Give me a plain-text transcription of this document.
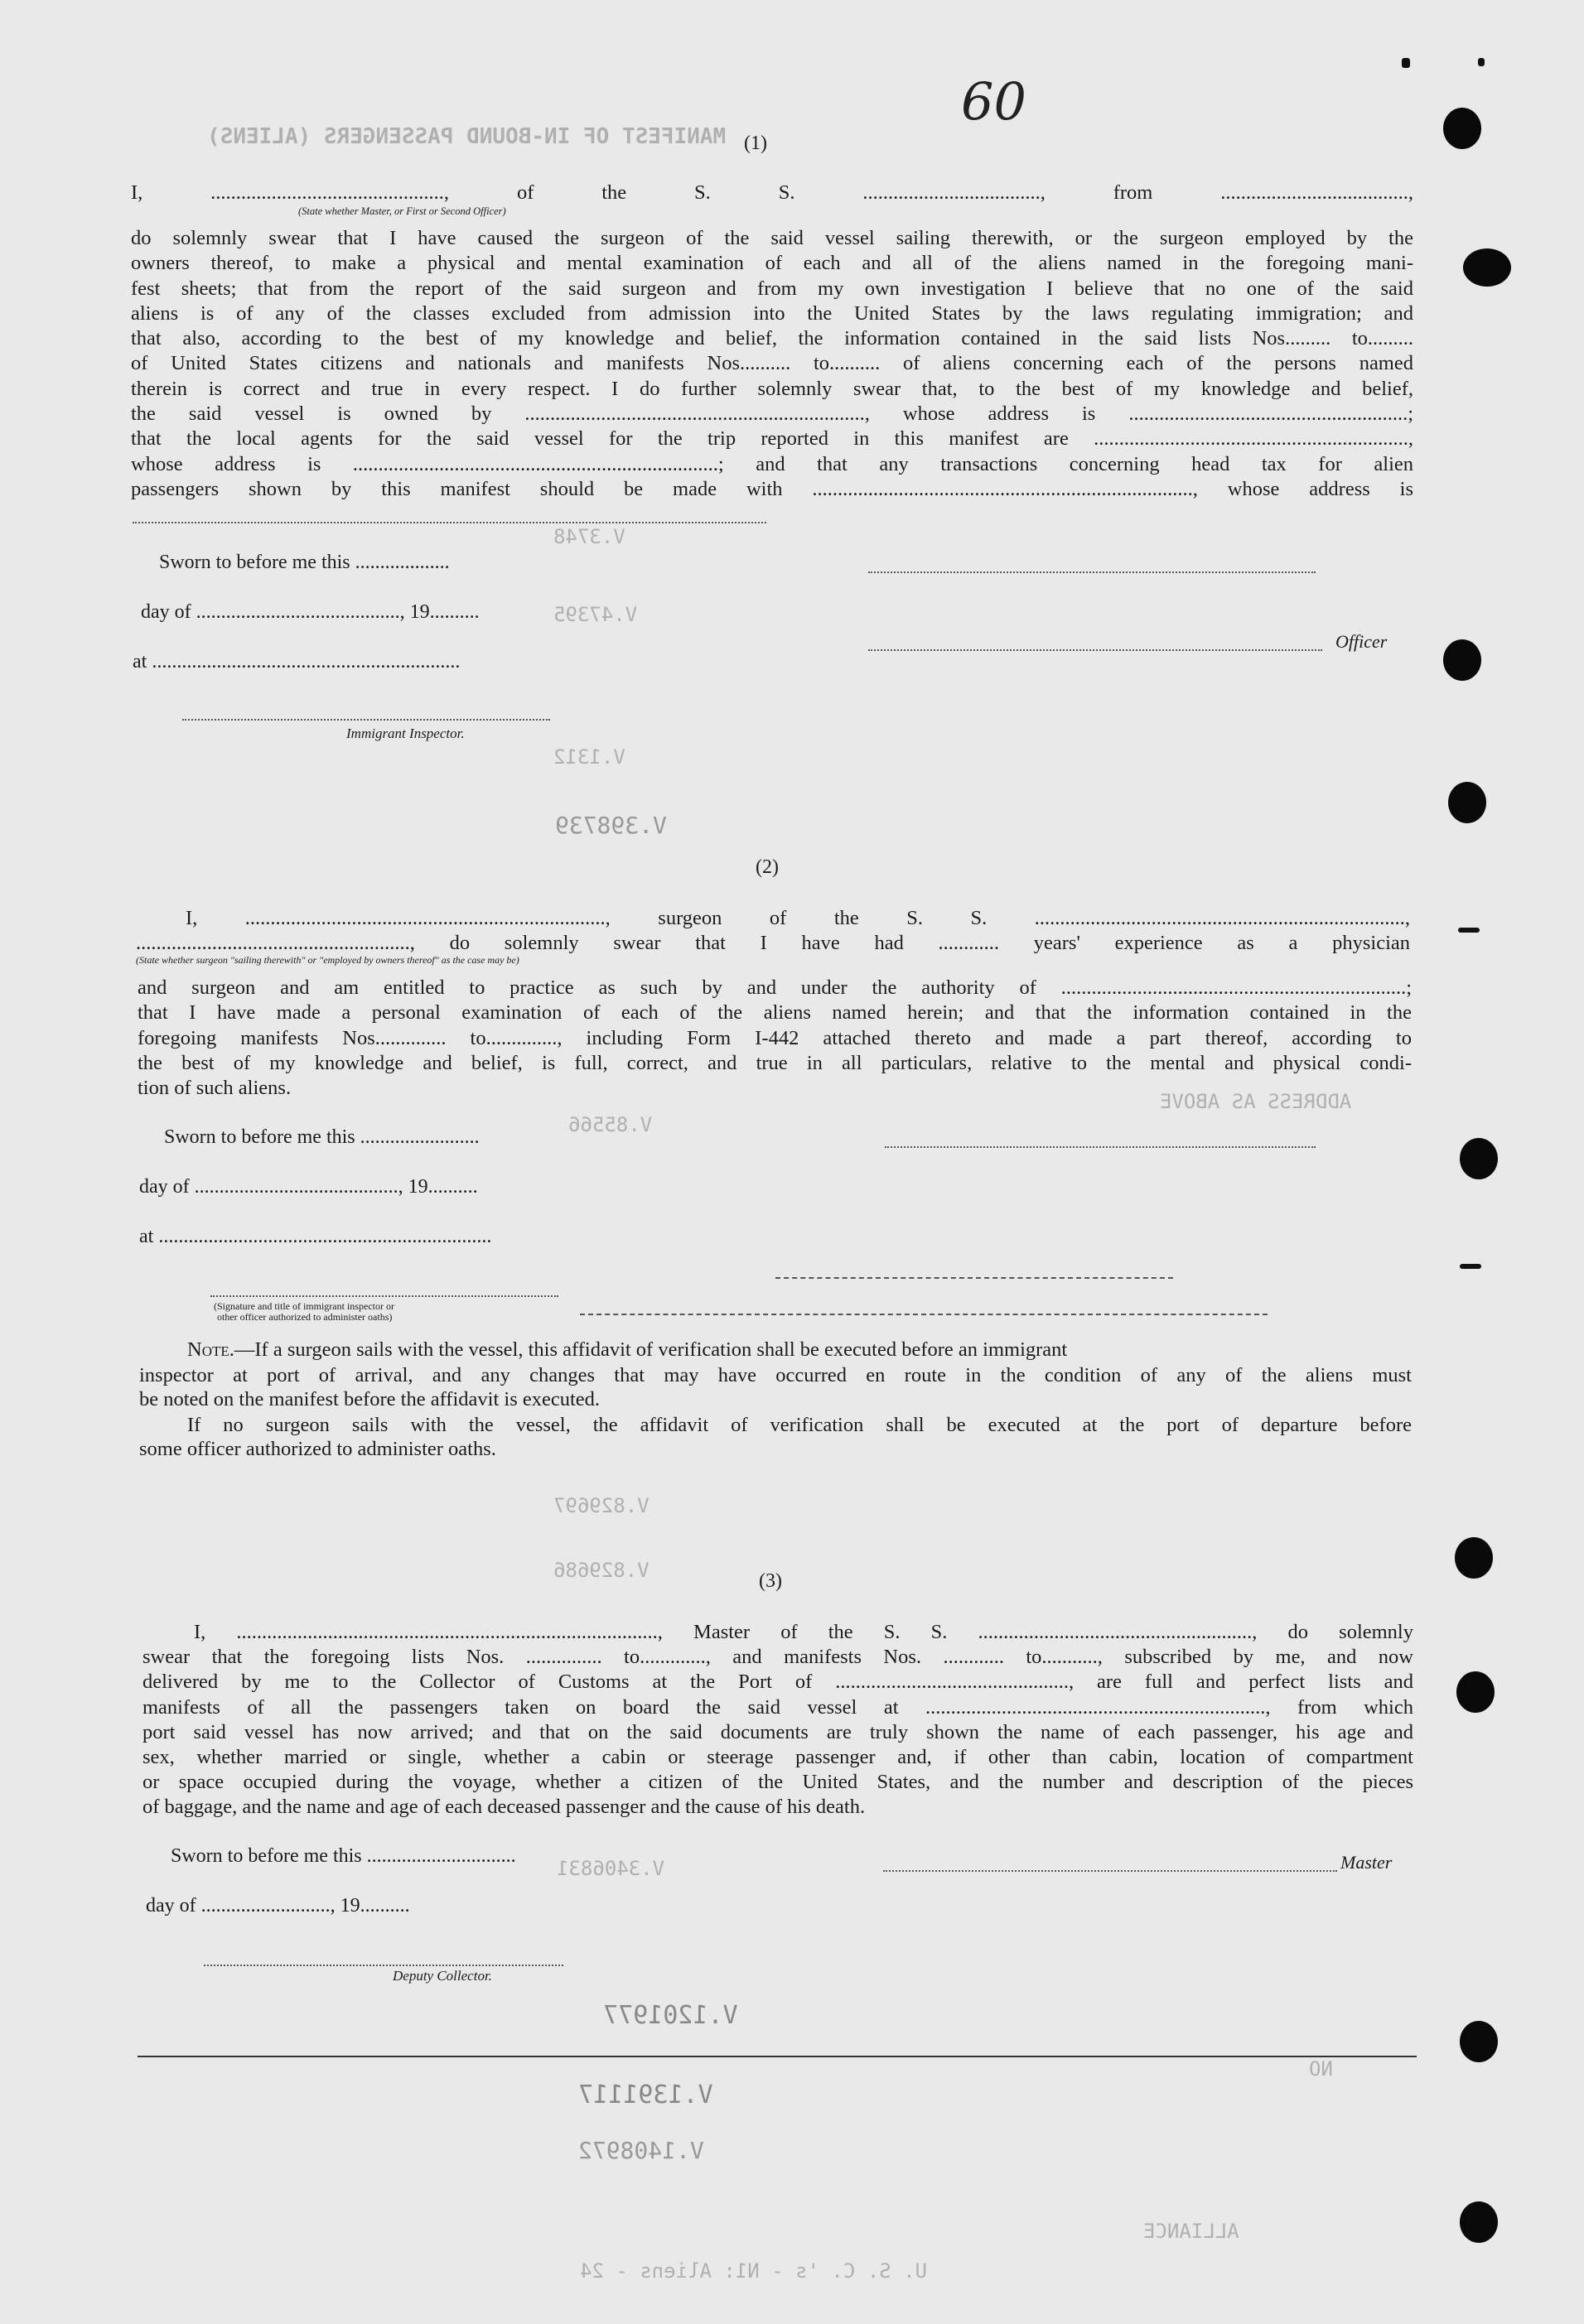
MANIFEST OF IN-BOUND PASSENGERS (ALIENS)
U. S. C. 's - N1: Aliens - 24
V.3748
V.47395
V.398739
V.1312
V.85566
V.829697
V.829686
V.3406831
V.1201977
V.1391117
V.1408972
ALLIANCE
ADDRESS AS ABOVE
NO
60
(1)
I, .............................................., of the S. S. ..................................., from .....................................,
(State whether Master, or First or Second Officer)
do solemnly swear that I have caused the surgeon of the said vessel sailing therewith, or the surgeon employed by the
owners thereof, to make a physical and mental examination of each and all of the aliens named in the foregoing mani-
fest sheets; that from the report of the said surgeon and from my own investigation I believe that no one of the said
aliens is of any of the classes excluded from admission into the United States by the laws regulating immigration; and
that also, according to the best of my knowledge and belief, the information contained in the said lists Nos......... to.........
of United States citizens and nationals and manifests Nos.......... to.......... of aliens concerning each of the persons named
therein is correct and true in every respect. I do further solemnly swear that, to the best of my knowledge and belief,
the said vessel is owned by ..................................................................., whose address is .......................................................;
that the local agents for the said vessel for the trip reported in this manifest are ..............................................................,
whose address is ........................................................................; and that any transactions concerning head tax for alien
passengers shown by this manifest should be made with ..........................................................................., whose address is
Sworn to before me this ...................
day of ........................................., 19..........
at ..............................................................
Officer
Immigrant Inspector.
(2)
I, ......................................................................., surgeon of the S. S. .........................................................................,
......................................................, do solemnly swear that I have had ............ years' experience as a physician
(State whether surgeon "sailing therewith" or "employed by owners thereof" as the case may be)
and surgeon and am entitled to practice as such by and under the authority of ....................................................................;
that I have made a personal examination of each of the aliens named herein; and that the information contained in the
foregoing manifests Nos.............. to.............., including Form I-442 attached thereto and made a part thereof, according to
the best of my knowledge and belief, is full, correct, and true in all particulars, relative to the mental and physical condi-
tion of such aliens.
Sworn to before me this ........................
day of ........................................., 19..........
at ...................................................................
(Signature and title of immigrant inspector or
other officer authorized to administer oaths)
Note.—If a surgeon sails with the vessel, this affidavit of verification shall be executed before an immigrant
inspector at port of arrival, and any changes that may have occurred en route in the condition of any of the aliens must
be noted on the manifest before the affidavit is executed.
If no surgeon sails with the vessel, the affidavit of verification shall be executed at the port of departure before
some officer authorized to administer oaths.
(3)
I, ..................................................................................., Master of the S. S. ......................................................, do solemnly
swear that the foregoing lists Nos. ............... to............., and manifests Nos. ............ to..........., subscribed by me, and now
delivered by me to the Collector of Customs at the Port of .............................................., are full and perfect lists and
manifests of all the passengers taken on board the said vessel at ..................................................................., from which
port said vessel has now arrived; and that on the said documents are truly shown the name of each passenger, his age and
sex, whether married or single, whether a cabin or steerage passenger and, if other than cabin, location of compartment
or space occupied during the voyage, whether a citizen of the United States, and the number and description of the pieces
of baggage, and the name and age of each deceased passenger and the cause of his death.
Sworn to before me this ..............................	Master
day of .........................., 19..........
Deputy Collector.
